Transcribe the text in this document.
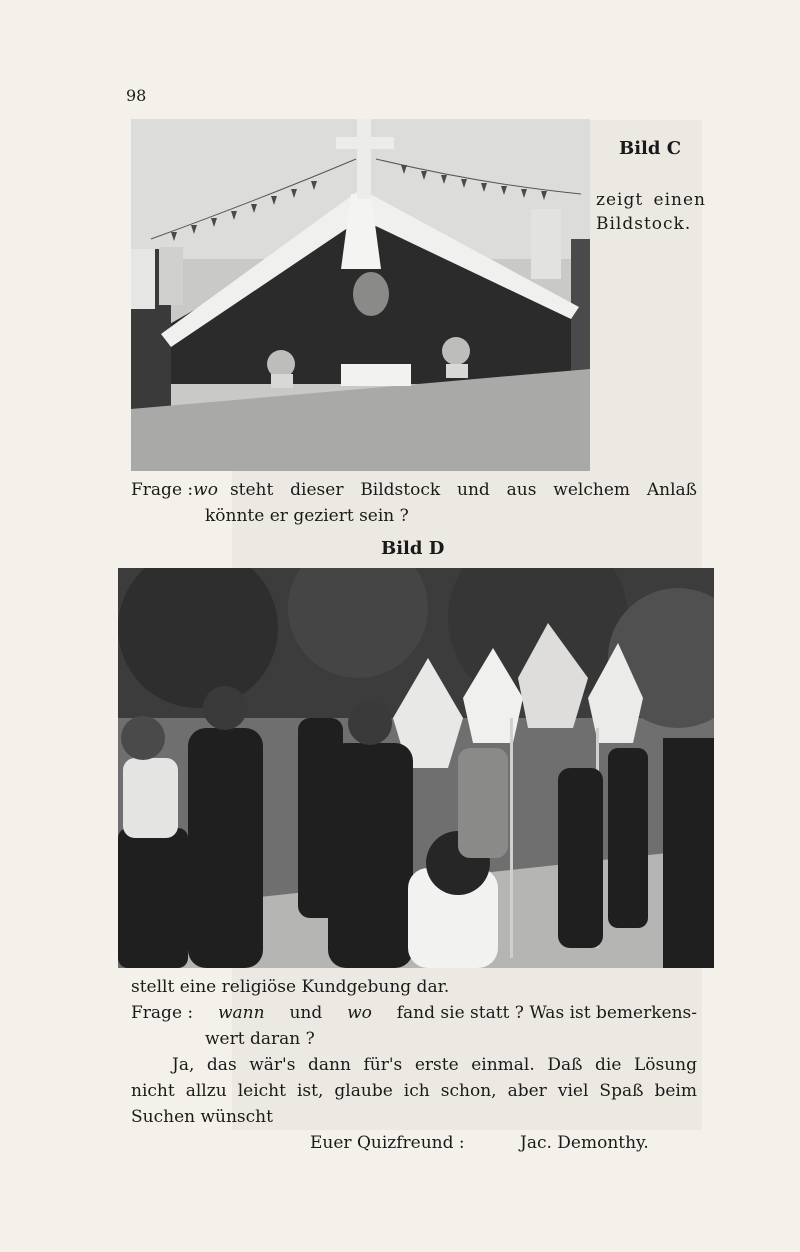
98
Bild C
zeigt einen
Bildstock.
Frage : wo steht dieser Bildstock und aus welchem Anlaß
könnte er geziert sein ?
Bild D
stellt eine religiöse Kundgebung dar.
Frage : wann und wo fand sie statt ? Was ist bemerkens-
wert daran ?
Ja, das wär's dann für's erste einmal. Daß die Lösung
nicht allzu leicht ist, glaube ich schon, aber viel Spaß beim
Suchen wünscht
Euer Quizfreund :	Jac. Demonthy.
